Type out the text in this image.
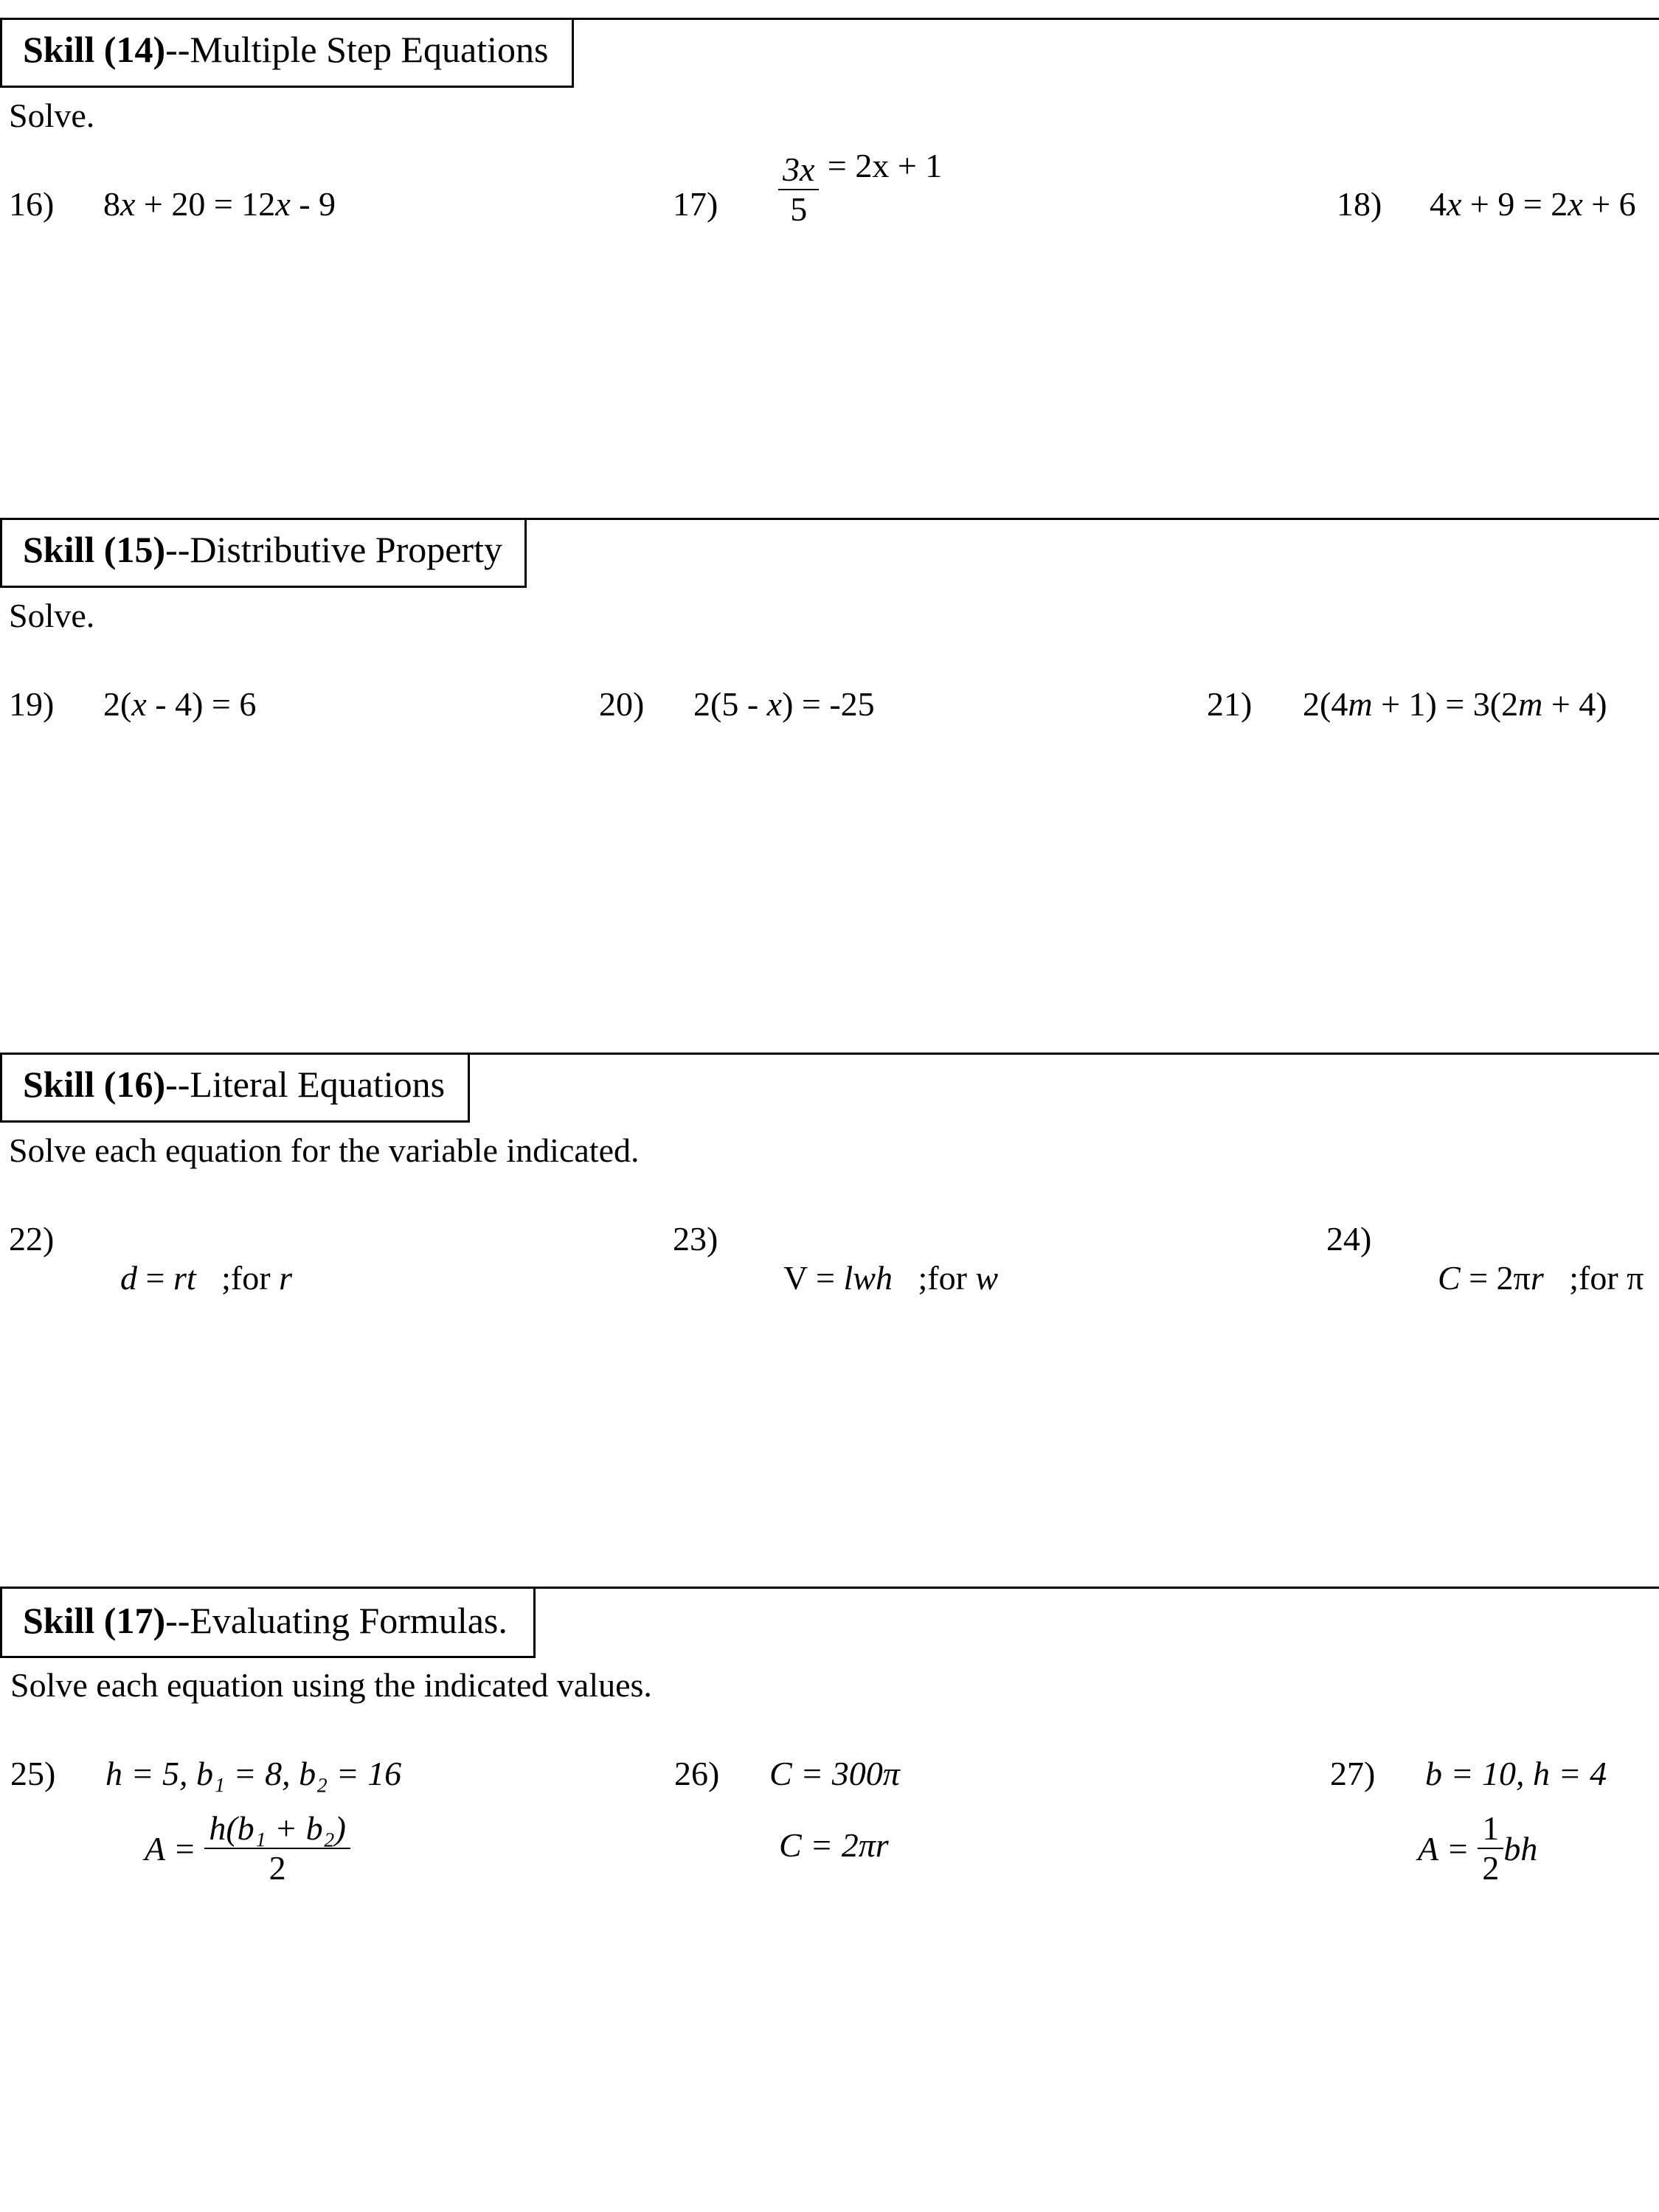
Skill (14)--Multiple Step Equations
Solve.
16) 8x + 20 = 12x - 9	$17) \frac{3x}{5} = 2x + 1$
18) 4x + 9 = 2x + 6
Skill (15)--Distributive Property
Solve.
19) 2(x - 4) = 6	20) 2(5 - x) = -25	21) 2(4m + 1) = 3(2m + 4)
Skill (16)--Literal Equations
Solve each equation for the variable indicated.
22)

d = rt   ;for r

23)

V = lwh   ;for w

24)

C = 2πr   ;for π

Skill (17)--Evaluating Formulas.
Solve each equation using the indicated values.
25) h = 5, b₁ = 8, b₂ = 16
$A = \frac{\text{h(b₁ + b₂)}}{2}$
26) C = 300π
C = 2πr
27) b = 10, h = 4
$A = \frac{1}{2}$ bh
